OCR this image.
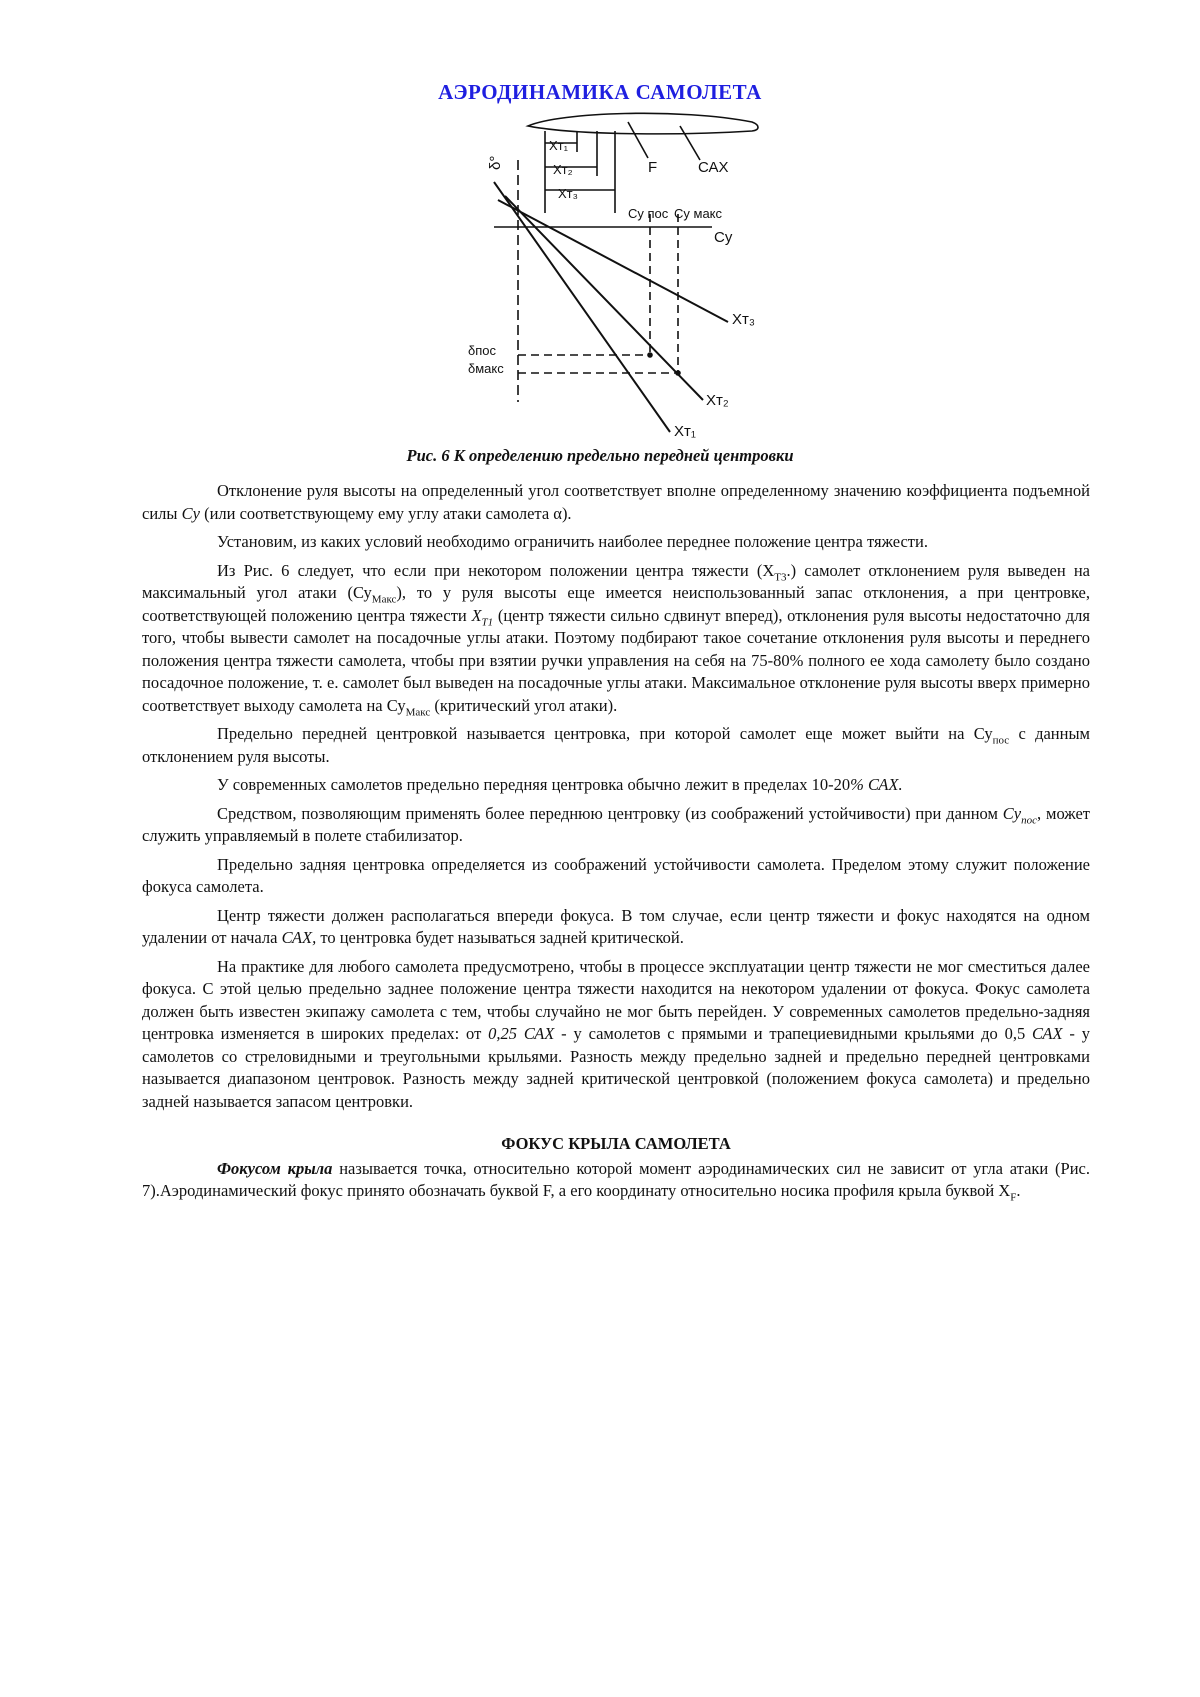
АЭРОДИНАМИКА САМОЛЕТА
δ°
Xт₁
Xт₂
Xт₃
F	САХ
Cу пос Cу макс
Cу
Xт₃
δпос
δмакс
Xт₂
Xт₁
Рис. 6 К определению предельно передней центровки

Отклонение руля высоты на определенный угол соответствует вполне определенному значению коэффициента подъемной силы Су (или соответствующему ему углу атаки самолета α).

Установим, из каких условий необходимо ограничить наиболее переднее положение центра тяжести.

Из Рис. 6 следует, что если при некотором положении центра тяжести $(Х_{Т3}.)$ самолет отклонением руля выведен на максимальный угол атаки $(Су_{Макс})$, то у руля высоты еще имеется неиспользованный запас отклонения, а при центровке, соответствующей положению центра тяжести $Х_{Т1}$ (центр тяжести сильно сдвинут вперед), отклонения руля высоты недостаточно для того, чтобы вывести самолет на посадочные углы атаки. Поэтому подбирают такое сочетание отклонения руля высоты и переднего положения центра тяжести самолета, чтобы при взятии ручки управления на себя на 75-80% полного ее хода самолету было создано посадочное положение, т. е. самолет был выведен на посадочные углы атаки. Максимальное отклонение руля высоты вверх примерно соответствует выходу самолета на $Су_{Макс}$ (критический угол атаки).

Предельно передней центровкой называется центровка, при которой самолет еще может выйти на $Су_{пос}$ с данным отклонением руля высоты.

У современных самолетов предельно передняя центровка обычно лежит в пределах 10-20% САХ.

Средством, позволяющим применять более переднюю центровку (из соображений устойчивости) при данном $Су_{пос}$, может служить управляемый в полете стабилизатор.

Предельно задняя центровка определяется из соображений устойчивости самолета. Пределом этому служит положение фокуса самолета.

Центр тяжести должен располагаться впереди фокуса. В том случае, если центр тяжести и фокус находятся на одном удалении от начала САХ, то центровка будет называться задней критической.

На практике для любого самолета предусмотрено, чтобы в процессе эксплуатации центр тяжести не мог сместиться далее фокуса. С этой целью предельно заднее положение центра тяжести находится на некотором удалении от фокуса. Фокус самолета должен быть известен экипажу самолета с тем, чтобы случайно не мог быть перейден. У современных самолетов предельно-задняя центровка изменяется в широких пределах: от 0,25 САХ - у самолетов с прямыми и трапециевидными крыльями до 0,5 САХ - у самолетов со стреловидными и треугольными крыльями. Разность между предельно задней и предельно передней центровками называется диапазоном центровок. Разность между задней критической центровкой (положением фокуса самолета) и предельно задней называется запасом центровки.

ФОКУС КРЫЛА САМОЛЕТА

Фокусом крыла называется точка, относительно которой момент аэродинамических сил не зависит от угла атаки (Рис. 7).Аэродинамический фокус принято обозначать буквой F, а его координату относительно носика профиля крыла буквой $Х_F$.
